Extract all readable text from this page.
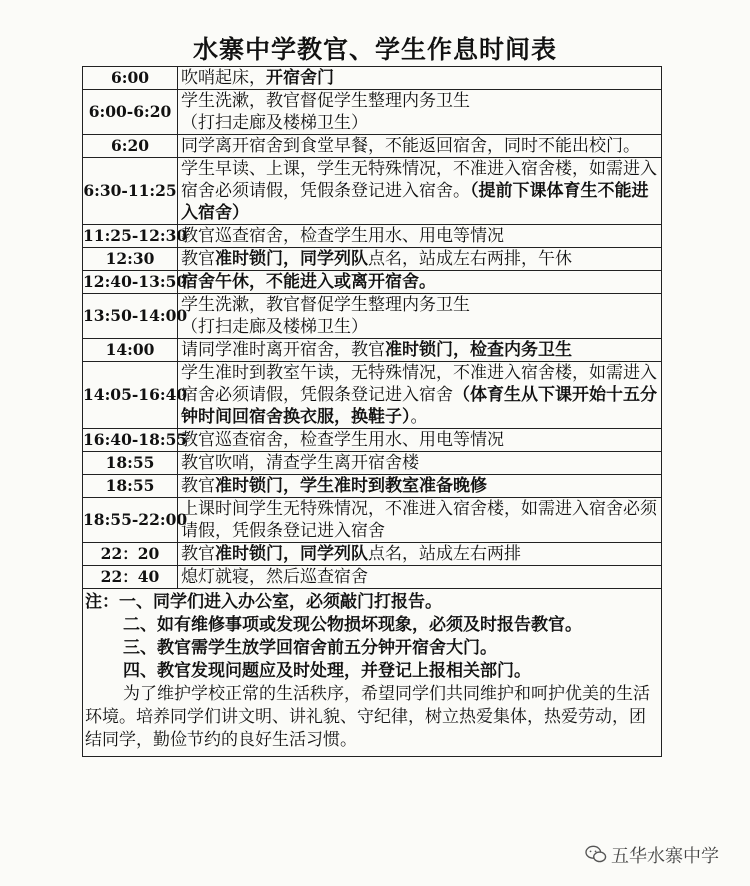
水寨中学教官、学生作息时间表
6:00	吹哨起床，开宿舍门
6:00-6:20	学生洗漱，教官督促学生整理内务卫生
（打扫走廊及楼梯卫生）
6:20	同学离开宿舍到食堂早餐，不能返回宿舍，同时不能出校门。
6:30-11:25	学生早读、上课，学生无特殊情况，不准进入宿舍楼，如需进入宿舍必须请假，凭假条登记进入宿舍。（提前下课体育生不能进入宿舍）
11:25-12:30	教官巡查宿舍，检查学生用水、用电等情况
12:30	教官准时锁门，同学列队点名，站成左右两排，午休
12:40-13:50	宿舍午休，不能进入或离开宿舍。
13:50-14:00	学生洗漱，教官督促学生整理内务卫生
（打扫走廊及楼梯卫生）
14:00	请同学准时离开宿舍，教官准时锁门，检查内务卫生
14:05-16:40	学生准时到教室午读，无特殊情况，不准进入宿舍楼，如需进入宿舍必须请假，凭假条登记进入宿舍（体育生从下课开始十五分钟时间回宿舍换衣服，换鞋子）。
16:40-18:55	教官巡查宿舍，检查学生用水、用电等情况
18:55	教官吹哨，清查学生离开宿舍楼
18:55	教官准时锁门，学生准时到教室准备晚修
18:55-22:00	上课时间学生无特殊情况，不准进入宿舍楼，如需进入宿舍必须请假，凭假条登记进入宿舍
22：20	教官准时锁门，同学列队点名，站成左右两排
22：40	熄灯就寝，然后巡查宿舍

注：一、同学们进入办公室，必须敲门打报告。
二、如有维修事项或发现公物损坏现象，必须及时报告教官。
三、教官需学生放学回宿舍前五分钟开宿舍大门。
四、教官发现问题应及时处理，并登记上报相关部门。
为了维护学校正常的生活秩序，希望同学们共同维护和呵护优美的生活环境。培养同学们讲文明、讲礼貌、守纪律，树立热爱集体，热爱劳动，团结同学，勤俭节约的良好生活习惯。	
五华水寨中学
